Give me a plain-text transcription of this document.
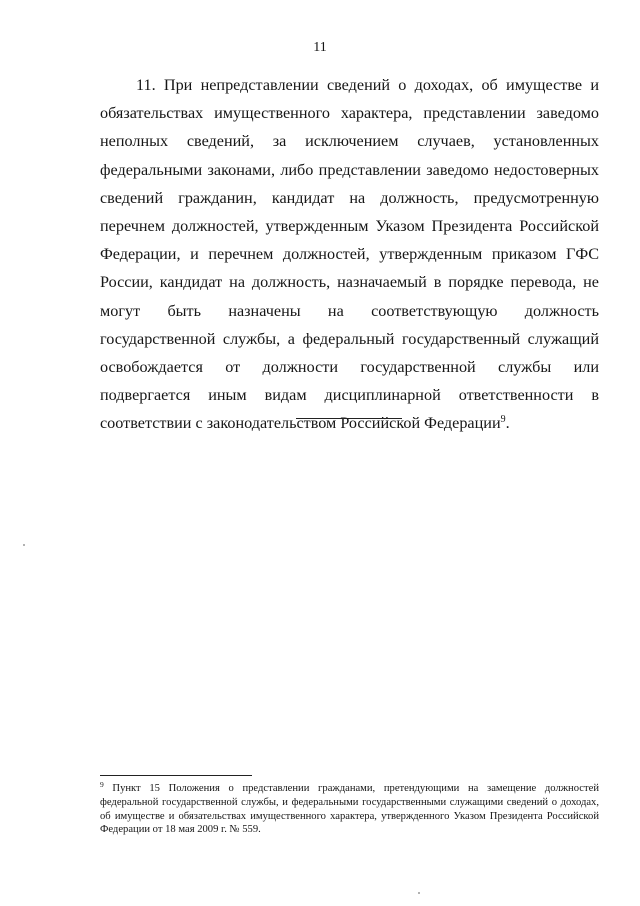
11

11. При непредставлении сведений о доходах, об имуществе и обязательствах имущественного характера, представлении заведомо неполных сведений, за исключением случаев, установленных федеральными законами, либо представлении заведомо недостоверных сведений гражданин, кандидат на должность, предусмотренную перечнем должностей, утвержденным Указом Президента Российской Федерации, и перечнем должностей, утвержденным приказом ГФС России, кандидат на должность, назначаемый в порядке перевода, не могут быть назначены на соответствующую должность государственной службы, а федеральный государственный служащий освобождается от должности государственной службы или подвергается иным видам дисциплинарной ответственности в соответствии с законодательством Российской Федерации$^9$.

$^9$ Пункт 15 Положения о представлении гражданами, претендующими на замещение должностей федеральной государственной службы, и федеральными государственными служащими сведений о доходах, об имуществе и обязательствах имущественного характера, утвержденного Указом Президента Российской Федерации от 18 мая 2009 г. № 559.
